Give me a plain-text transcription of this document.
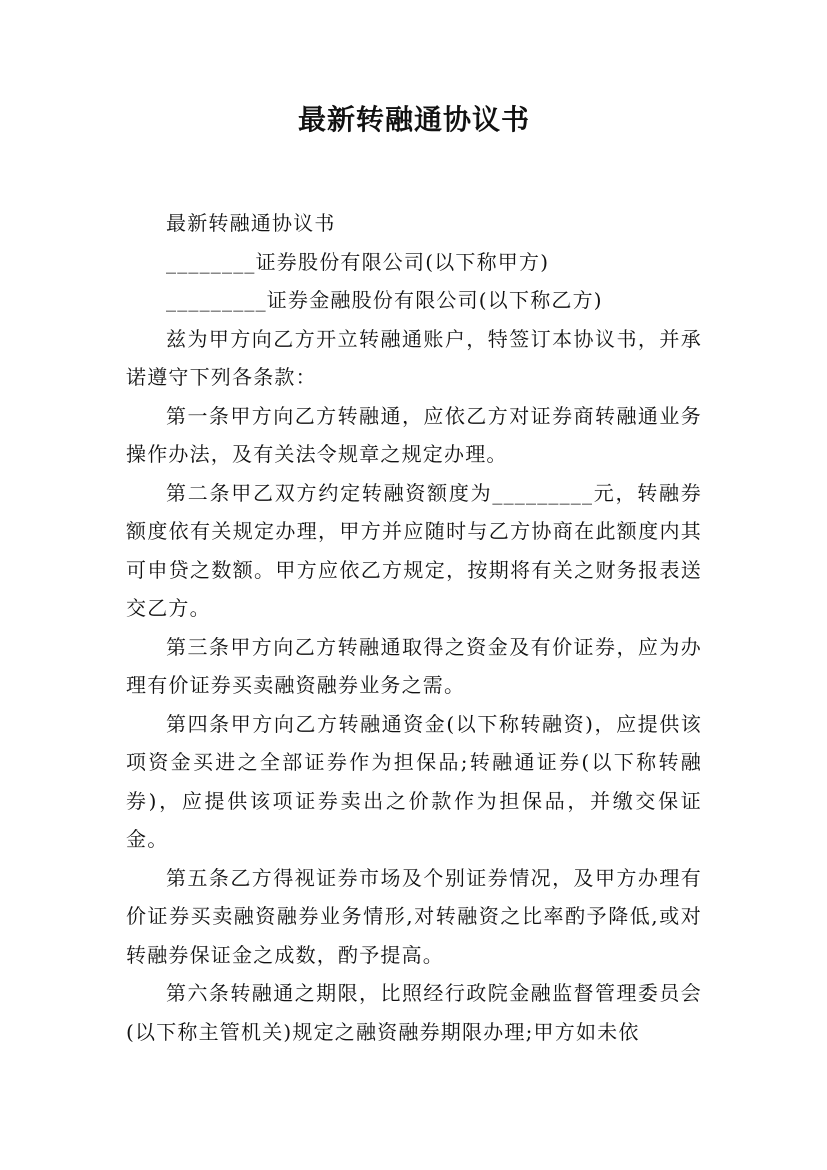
最新转融通协议书

最新转融通协议书

________证券股份有限公司(以下称甲方)

_________证券金融股份有限公司(以下称乙方)

兹为甲方向乙方开立转融通账户，特签订本协议书，并承诺遵守下列各条款：

第一条甲方向乙方转融通，应依乙方对证券商转融通业务操作办法，及有关法令规章之规定办理。

第二条甲乙双方约定转融资额度为_________元，转融券额度依有关规定办理，甲方并应随时与乙方协商在此额度内其可申贷之数额。甲方应依乙方规定，按期将有关之财务报表送交乙方。

第三条甲方向乙方转融通取得之资金及有价证券，应为办理有价证券买卖融资融券业务之需。

第四条甲方向乙方转融通资金(以下称转融资)，应提供该项资金买进之全部证券作为担保品;转融通证券(以下称转融券)，应提供该项证券卖出之价款作为担保品，并缴交保证金。

第五条乙方得视证券市场及个别证券情况，及甲方办理有价证券买卖融资融券业务情形,对转融资之比率酌予降低,或对转融券保证金之成数，酌予提高。

第六条转融通之期限，比照经行政院金融监督管理委员会(以下称主管机关)规定之融资融券期限办理;甲方如未依
